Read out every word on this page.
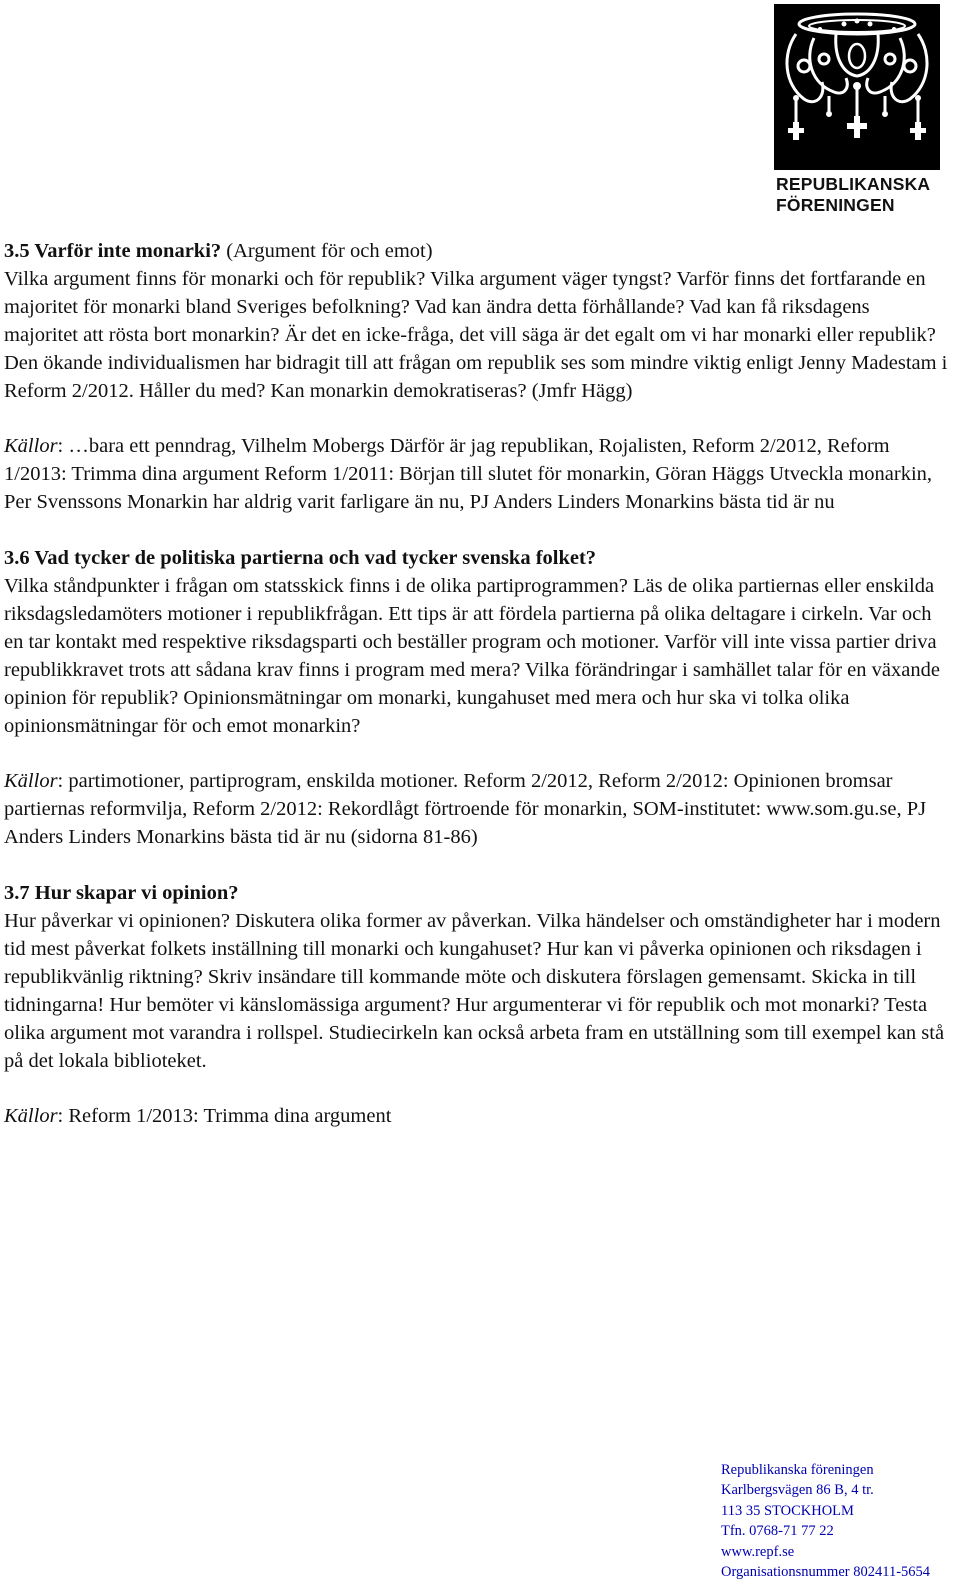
REPUBLIKANSKA
FÖRENINGEN

3.5 Varför inte monarki? (Argument för och emot)

Vilka argument finns för monarki och för republik? Vilka argument väger tyngst? Varför finns det fortfarande en majoritet för monarki bland Sveriges befolkning? Vad kan ändra detta förhållande? Vad kan få riksdagens majoritet att rösta bort monarkin? Är det en icke-fråga, det vill säga är det egalt om vi har monarki eller republik? Den ökande individualismen har bidragit till att frågan om republik ses som mindre viktig enligt Jenny Madestam i Reform 2/2012. Håller du med? Kan monarkin demokratiseras? (Jmfr Hägg)

Källor: …bara ett penndrag, Vilhelm Mobergs Därför är jag republikan, Rojalisten, Reform 2/2012, Reform 1/2013: Trimma dina argument Reform 1/2011: Början till slutet för monarkin, Göran Häggs Utveckla monarkin, Per Svenssons Monarkin har aldrig varit farligare än nu, PJ Anders Linders Monarkins bästa tid är nu

3.6 Vad tycker de politiska partierna och vad tycker svenska folket?

Vilka ståndpunkter i frågan om statsskick finns i de olika partiprogrammen? Läs de olika partiernas eller enskilda riksdagsledamöters motioner i republikfrågan. Ett tips är att fördela partierna på olika deltagare i cirkeln. Var och en tar kontakt med respektive riksdagsparti och beställer program och motioner. Varför vill inte vissa partier driva republikkravet trots att sådana krav finns i program med mera? Vilka förändringar i samhället talar för en växande opinion för republik? Opinionsmätningar om monarki, kungahuset med mera och hur ska vi tolka olika opinionsmätningar för och emot monarkin?

Källor: partimotioner, partiprogram, enskilda motioner. Reform 2/2012, Reform 2/2012: Opinionen bromsar partiernas reformvilja, Reform 2/2012: Rekordlågt förtroende för monarkin, SOM-institutet: www.som.gu.se, PJ Anders Linders Monarkins bästa tid är nu (sidorna 81-86)

3.7 Hur skapar vi opinion?

Hur påverkar vi opinionen? Diskutera olika former av påverkan. Vilka händelser och omständigheter har i modern tid mest påverkat folkets inställning till monarki och kungahuset? Hur kan vi påverka opinionen och riksdagen i republikvänlig riktning? Skriv insändare till kommande möte och diskutera förslagen gemensamt. Skicka in till tidningarna! Hur bemöter vi känslomässiga argument? Hur argumenterar vi för republik och mot monarki? Testa olika argument mot varandra i rollspel. Studiecirkeln kan också arbeta fram en utställning som till exempel kan stå på det lokala biblioteket.

Källor: Reform 1/2013: Trimma dina argument

Republikanska föreningen
Karlbergsvägen 86 B, 4 tr.
113 35 STOCKHOLM
Tfn. 0768-71 77 22
www.repf.se
Organisationsnummer 802411-5654
